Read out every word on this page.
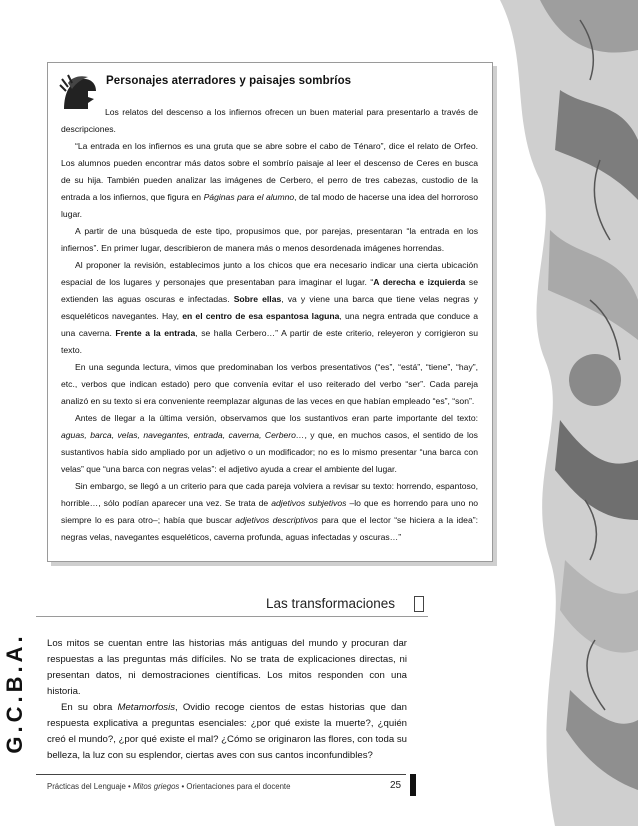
Personajes aterradores y paisajes sombríos

Los relatos del descenso a los infiernos ofrecen un buen material para presentarlo a través de descripciones.

“La entrada en los infiernos es una gruta que se abre sobre el cabo de Ténaro”, dice el relato de Orfeo. Los alumnos pueden encontrar más datos sobre el sombrío paisaje al leer el descenso de Ceres en busca de su hija. También pueden analizar las imágenes de Cerbero, el perro de tres cabezas, custodio de la entrada a los infiernos, que figura en Páginas para el alumno, de tal modo de hacerse una idea del horroroso lugar.

A partir de una búsqueda de este tipo, propusimos que, por parejas, presentaran “la entrada en los infiernos”. En primer lugar, describieron de manera más o menos desordenada imágenes horrendas.

Al proponer la revisión, establecimos junto a los chicos que era necesario indicar una cierta ubicación espacial de los lugares y personajes que presentaban para imaginar el lugar. “A derecha e izquierda se extienden las aguas oscuras e infectadas. Sobre ellas, va y viene una barca que tiene velas negras y esqueléticos navegantes. Hay, en el centro de esa espantosa laguna, una negra entrada que conduce a una caverna. Frente a la entrada, se halla Cerbero…” A partir de este criterio, releyeron y corrigieron su texto.

En una segunda lectura, vimos que predominaban los verbos presentativos (“es”, “está”, “tiene”, “hay”, etc., verbos que indican estado) pero que convenía evitar el uso reiterado del verbo “ser”. Cada pareja analizó en su texto si era conveniente reemplazar algunas de las veces en que habían empleado “es”, “son”.

Antes de llegar a la última versión, observamos que los sustantivos eran parte importante del texto: aguas, barca, velas, navegantes, entrada, caverna, Cerbero…, y que, en muchos casos, el sentido de los sustantivos había sido ampliado por un adjetivo o un modificador; no es lo mismo presentar “una barca con velas” que “una barca con negras velas”: el adjetivo ayuda a crear el ambiente del lugar.

Sin embargo, se llegó a un criterio para que cada pareja volviera a revisar su texto: horrendo, espantoso, horrible…, sólo podían aparecer una vez. Se trata de adjetivos subjetivos –lo que es horrendo para uno no siempre lo es para otro–; había que buscar adjetivos descriptivos para que el lector “se hiciera a la idea”: negras velas, navegantes esqueléticos, caverna profunda, aguas infectadas y oscuras…”

G.C.B.A.
Las transformaciones

Los mitos se cuentan entre las historias más antiguas del mundo y procuran dar respuestas a las preguntas más difíciles. No se trata de explicaciones directas, ni presentan datos, ni demostraciones científicas. Los mitos responden con una historia.

En su obra Metamorfosis, Ovidio recoge cientos de estas historias que dan respuesta explicativa a preguntas esenciales: ¿por qué existe la muerte?, ¿quién creó el mundo?, ¿por qué existe el mal? ¿Cómo se originaron las flores, con toda su belleza, la luz con su esplendor, ciertas aves con sus cantos inconfundibles?

Prácticas del Lenguaje • Mitos griegos • Orientaciones para el docente	25
